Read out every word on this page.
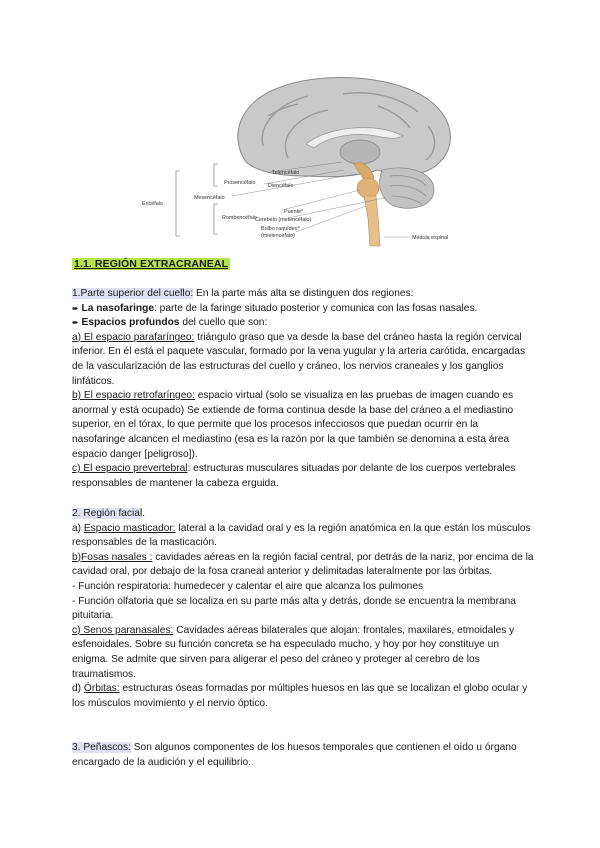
Telencéfalo
Prosencéfalo Diencéfalo
Encéfalo
Mesencéfalo
Puente*
Rombencéfalo
Cerebelo (metencéfalo)
Bulbo raquídeo*
(mielencéfalo)	Médula espinal
1.1. REGIÓN EXTRACRANEAL

1.Parte superior del cuello: En la parte más alta se distinguen dos regiones:

➨ La nasofaringe: parte de la faringe situado posterior y comunica con las fosas nasales.

➨ Espacios profundos del cuello que son:

a) El espacio parafaríngeo: triángulo graso que va desde la base del cráneo hasta la región cervical inferior. En él está el paquete vascular, formado por la vena yugular y la arteria carótida, encargadas de la vascularización de las estructuras del cuello y cráneo, los nervios craneales y los ganglios linfáticos.

b) El espacio retrofaríngeo: espacio virtual (solo se visualiza en las pruebas de imagen cuando es anormal y está ocupado) Se extiende de forma continua desde la base del cráneo a el mediastino superior, en el tórax, lo que permite que los procesos infecciosos que puedan ocurrir en la nasofaringe alcancen el mediastino (esa es la razón por la que también se denomina a esta área espacio danger [peligroso]).

c) El espacio prevertebral: estructuras musculares situadas por delante de los cuerpos vertebrales responsables de mantener la cabeza erguida.

2. Región facial.

a) Espacio masticador: lateral a la cavidad oral y es la región anatómica en la que están los músculos responsables de la masticación.

b)Fosas nasales : cavidades aéreas en la región facial central, por detrás de la nariz, por encima de la cavidad oral, por debajo de la fosa craneal anterior y delimitadas lateralmente por las órbitas.

- Función respiratoria: humedecer y calentar el aire que alcanza los pulmones

- Función olfatoria que se localiza en su parte más alta y detrás, donde se encuentra la membrana pituitaria.

c) Senos paranasales: Cavidades aéreas bilaterales que alojan: frontales, maxilares, etmoidales y esfenoidales. Sobre su función concreta se ha especulado mucho, y hoy por hoy constituye un enigma. Se admite que sirven para aligerar el peso del cráneo y proteger al cerebro de los traumatismos.

d) Órbitas: estructuras óseas formadas por múltiples huesos en las que se localizan el globo ocular y los músculos movimiento y el nervio óptico.

3. Peñascos: Son algunos componentes de los huesos temporales que contienen el oído u órgano encargado de la audición y el equilibrio.
